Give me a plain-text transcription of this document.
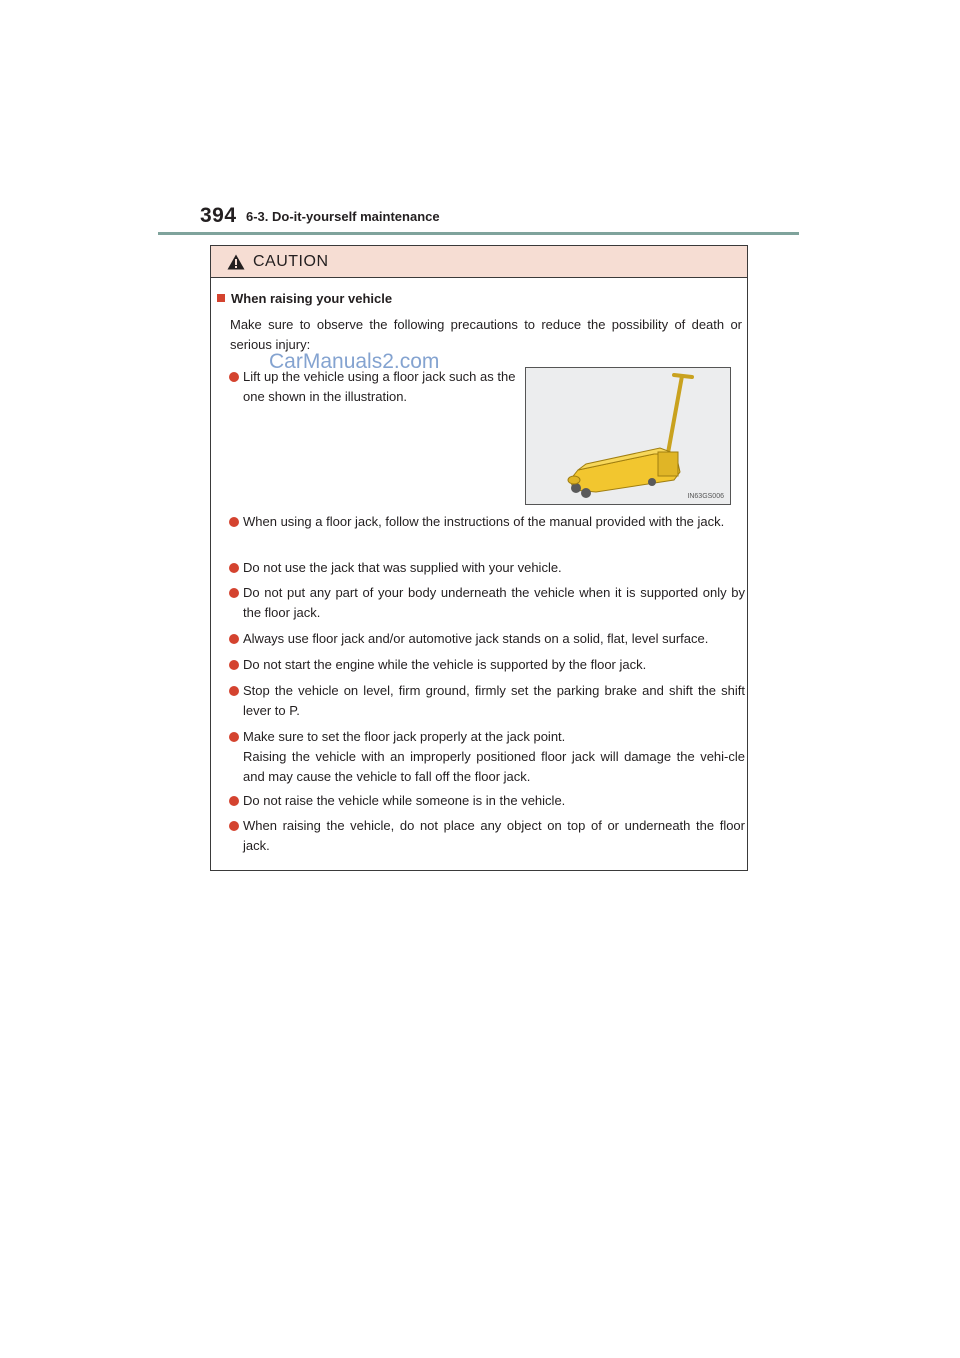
394 6-3. Do-it-yourself maintenance
CAUTION
When raising your vehicle
Make sure to observe the following precautions to reduce the possibility of death or serious injury:
Lift up the vehicle using a floor jack such as the one shown in the illustration.
IN63GS006
When using a floor jack, follow the instructions of the manual provided with the jack.
Do not use the jack that was supplied with your vehicle.
Do not put any part of your body underneath the vehicle when it is supported only by the floor jack.
Always use floor jack and/or automotive jack stands on a solid, flat, level surface.
Do not start the engine while the vehicle is supported by the floor jack.
Stop the vehicle on level, firm ground, firmly set the parking brake and shift the shift lever to P.
Make sure to set the floor jack properly at the jack point.
Raising the vehicle with an improperly positioned floor jack will damage the vehi-cle and may cause the vehicle to fall off the floor jack.
Do not raise the vehicle while someone is in the vehicle.
When raising the vehicle, do not place any object on top of or underneath the floor jack.
CarManuals2.com
